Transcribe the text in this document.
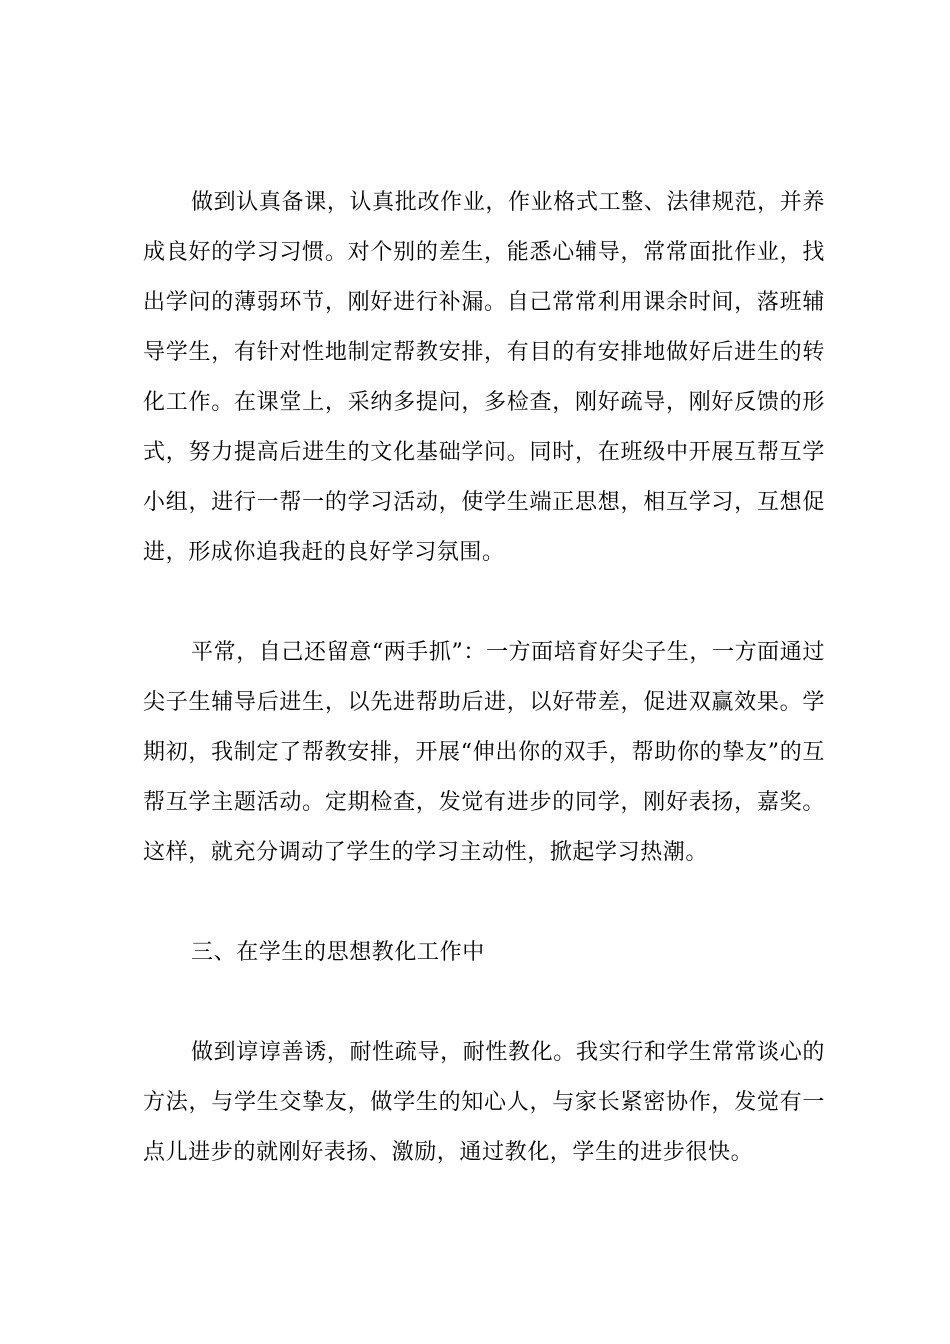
做到认真备课，认真批改作业，作业格式工整、法律规范，并养成良好的学习习惯。对个别的差生，能悉心辅导，常常面批作业，找出学问的薄弱环节，刚好进行补漏。自己常常利用课余时间，落班辅导学生，有针对性地制定帮教安排，有目的有安排地做好后进生的转化工作。在课堂上，采纳多提问，多检查，刚好疏导，刚好反馈的形式，努力提高后进生的文化基础学问。同时，在班级中开展互帮互学小组，进行一帮一的学习活动，使学生端正思想，相互学习，互想促进，形成你追我赶的良好学习氛围。

平常，自己还留意“两手抓”：一方面培育好尖子生，一方面通过尖子生辅导后进生，以先进帮助后进，以好带差，促进双赢效果。学期初，我制定了帮教安排，开展“伸出你的双手，帮助你的挚友”的互帮互学主题活动。定期检查，发觉有进步的同学，刚好表扬，嘉奖。这样，就充分调动了学生的学习主动性，掀起学习热潮。

三、在学生的思想教化工作中

做到谆谆善诱，耐性疏导，耐性教化。我实行和学生常常谈心的方法，与学生交挚友，做学生的知心人，与家长紧密协作，发觉有一点儿进步的就刚好表扬、激励，通过教化，学生的进步很快。
